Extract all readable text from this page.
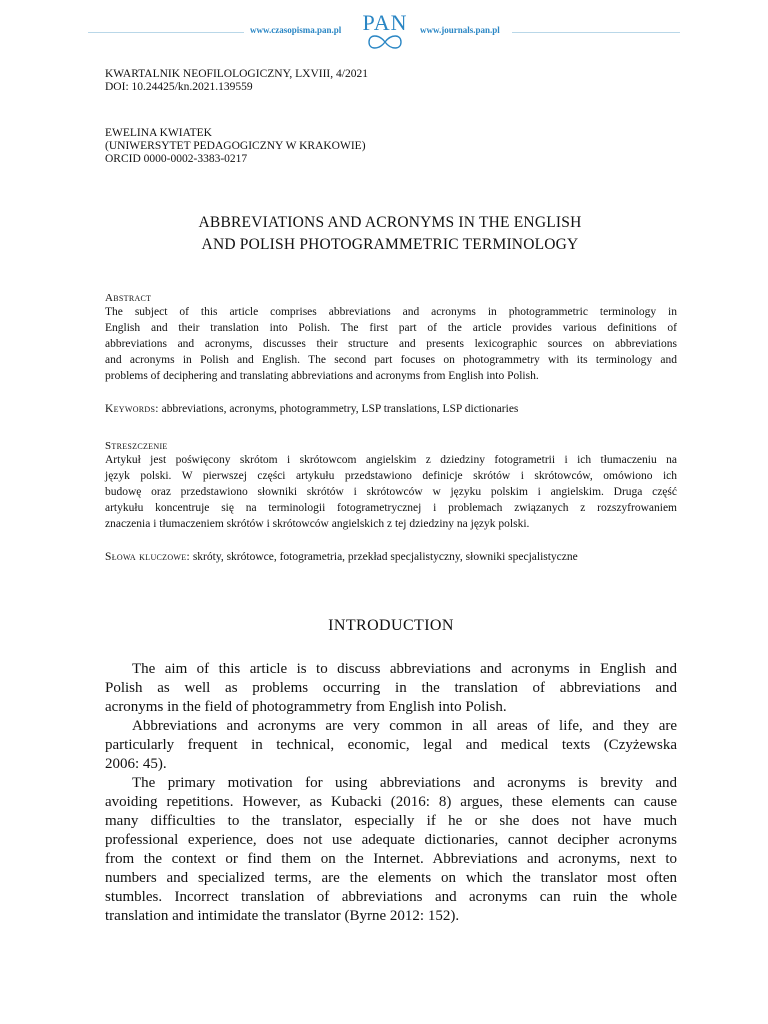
www.czasopisma.pan.pl PAN	www.journals.pan.pl
KWARTALNIK NEOFILOLOGICZNY, LXVIII, 4/2021
DOI: 10.24425/kn.2021.139559
EWELINA KWIATEK
(UNIWERSYTET PEDAGOGICZNY W KRAKOWIE)
ORCID 0000-0002-3383-0217
ABBREVIATIONS AND ACRONYMS IN THE ENGLISH
AND POLISH PHOTOGRAMMETRIC TERMINOLOGY
Abstract
The subject of this article comprises abbreviations and acronyms in photogrammetric terminology in
English and their translation into Polish. The first part of the article provides various definitions of
abbreviations and acronyms, discusses their structure and presents lexicographic sources on abbreviations
and acronyms in Polish and English. The second part focuses on photogrammetry with its terminology and
problems of deciphering and translating abbreviations and acronyms from English into Polish.
Keywords: abbreviations, acronyms, photogrammetry, LSP translations, LSP dictionaries
Streszczenie
Artykuł jest poświęcony skrótom i skrótowcom angielskim z dziedziny fotogrametrii i ich tłumaczeniu na
język polski. W pierwszej części artykułu przedstawiono definicje skrótów i skrótowców, omówiono ich
budowę oraz przedstawiono słowniki skrótów i skrótowców w języku polskim i angielskim. Druga część
artykułu koncentruje się na terminologii fotogrametrycznej i problemach związanych z rozszyfrowaniem
znaczenia i tłumaczeniem skrótów i skrótowców angielskich z tej dziedziny na język polski.
Słowa kluczowe: skróty, skrótowce, fotogrametria, przekład specjalistyczny, słowniki specjalistyczne
INTRODUCTION
The aim of this article is to discuss abbreviations and acronyms in English and
Polish as well as problems occurring in the translation of abbreviations and
acronyms in the field of photogrammetry from English into Polish.
Abbreviations and acronyms are very common in all areas of life, and they are
particularly frequent in technical, economic, legal and medical texts (Czyżewska
2006: 45).
The primary motivation for using abbreviations and acronyms is brevity and
avoiding repetitions. However, as Kubacki (2016: 8) argues, these elements can cause
many difficulties to the translator, especially if he or she does not have much
professional experience, does not use adequate dictionaries, cannot decipher acronyms
from the context or find them on the Internet. Abbreviations and acronyms, next to
numbers and specialized terms, are the elements on which the translator most often
stumbles. Incorrect translation of abbreviations and acronyms can ruin the whole
translation and intimidate the translator (Byrne 2012: 152).
